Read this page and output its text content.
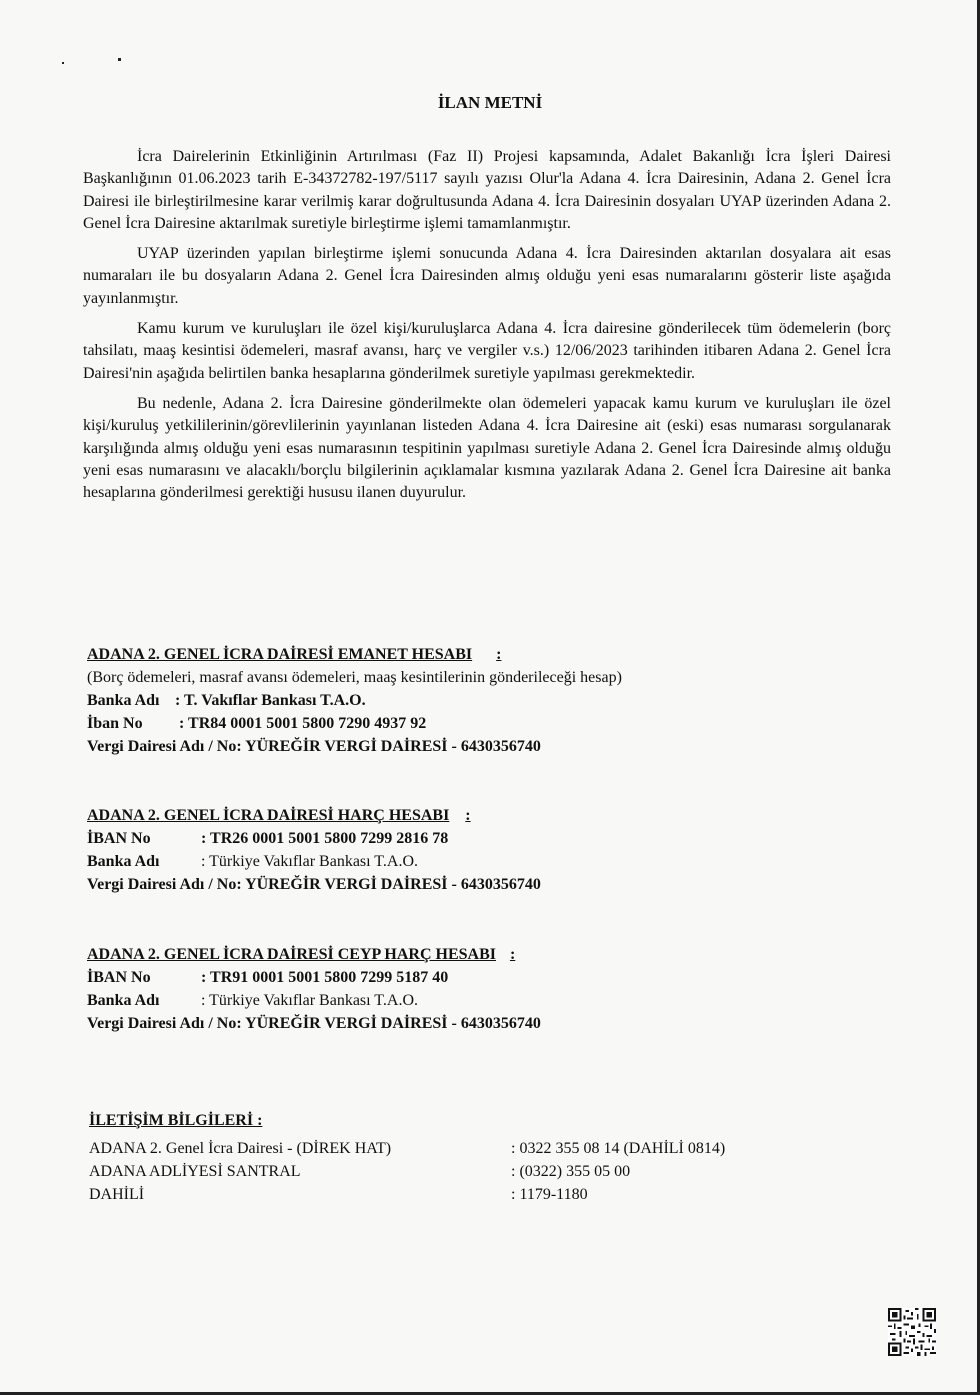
İLAN METNİ

İcra Dairelerinin Etkinliğinin Artırılması (Faz II) Projesi kapsamında, Adalet Bakanlığı İcra İşleri Dairesi Başkanlığının 01.06.2023 tarih E-34372782-197/5117 sayılı yazısı Olur'la Adana 4. İcra Dairesinin, Adana 2. Genel İcra Dairesi ile birleştirilmesine karar verilmiş karar doğrultusunda Adana 4. İcra Dairesinin dosyaları UYAP üzerinden Adana 2. Genel İcra Dairesine aktarılmak suretiyle birleştirme işlemi tamamlanmıştır.

UYAP üzerinden yapılan birleştirme işlemi sonucunda Adana 4. İcra Dairesinden aktarılan dosyalara ait esas numaraları ile bu dosyaların Adana 2. Genel İcra Dairesinden almış olduğu yeni esas numaralarını gösterir liste aşağıda yayınlanmıştır.

Kamu kurum ve kuruluşları ile özel kişi/kuruluşlarca Adana 4. İcra dairesine gönderilecek tüm ödemelerin (borç tahsilatı, maaş kesintisi ödemeleri, masraf avansı, harç ve vergiler v.s.) 12/06/2023 tarihinden itibaren Adana 2. Genel İcra Dairesi'nin aşağıda belirtilen banka hesaplarına gönderilmek suretiyle yapılması gerekmektedir.

Bu nedenle, Adana 2. İcra Dairesine gönderilmekte olan ödemeleri yapacak kamu kurum ve kuruluşları ile özel kişi/kuruluş yetkililerinin/görevlilerinin yayınlanan listeden Adana 4. İcra Dairesine ait (eski) esas numarası sorgulanarak karşılığında almış olduğu yeni esas numarasının tespitinin yapılması suretiyle Adana 2. Genel İcra Dairesinde almış olduğu yeni esas numarasını ve alacaklı/borçlu bilgilerinin açıklamalar kısmına yazılarak Adana 2. Genel İcra Dairesine ait banka hesaplarına gönderilmesi gerektiği hususu ilanen duyurulur.

ADANA 2. GENEL İCRA DAİRESİ EMANET HESABI :
(Borç ödemeleri, masraf avansı ödemeleri, maaş kesintilerinin gönderileceği hesap)
Banka Adı : T. Vakıflar Bankası T.A.O.
İban No : TR84 0001 5001 5800 7290 4937 92
Vergi Dairesi Adı / No: YÜREĞİR VERGİ DAİRESİ - 6430356740
ADANA 2. GENEL İCRA DAİRESİ HARÇ HESABI :
İBAN No	: TR26 0001 5001 5800 7299 2816 78
Banka Adı	: Türkiye Vakıflar Bankası T.A.O.
Vergi Dairesi Adı / No: YÜREĞİR VERGİ DAİRESİ - 6430356740
ADANA 2. GENEL İCRA DAİRESİ CEYP HARÇ HESABI :
İBAN No	: TR91 0001 5001 5800 7299 5187 40
Banka Adı	: Türkiye Vakıflar Bankası T.A.O.
Vergi Dairesi Adı / No: YÜREĞİR VERGİ DAİRESİ - 6430356740
İLETİŞİM BİLGİLERİ :
ADANA 2. Genel İcra Dairesi - (DİREK HAT)	: 0322 355 08 14 (DAHİLİ 0814)
ADANA ADLİYESİ SANTRAL	: (0322) 355 05 00
DAHİLİ	: 1179-1180
